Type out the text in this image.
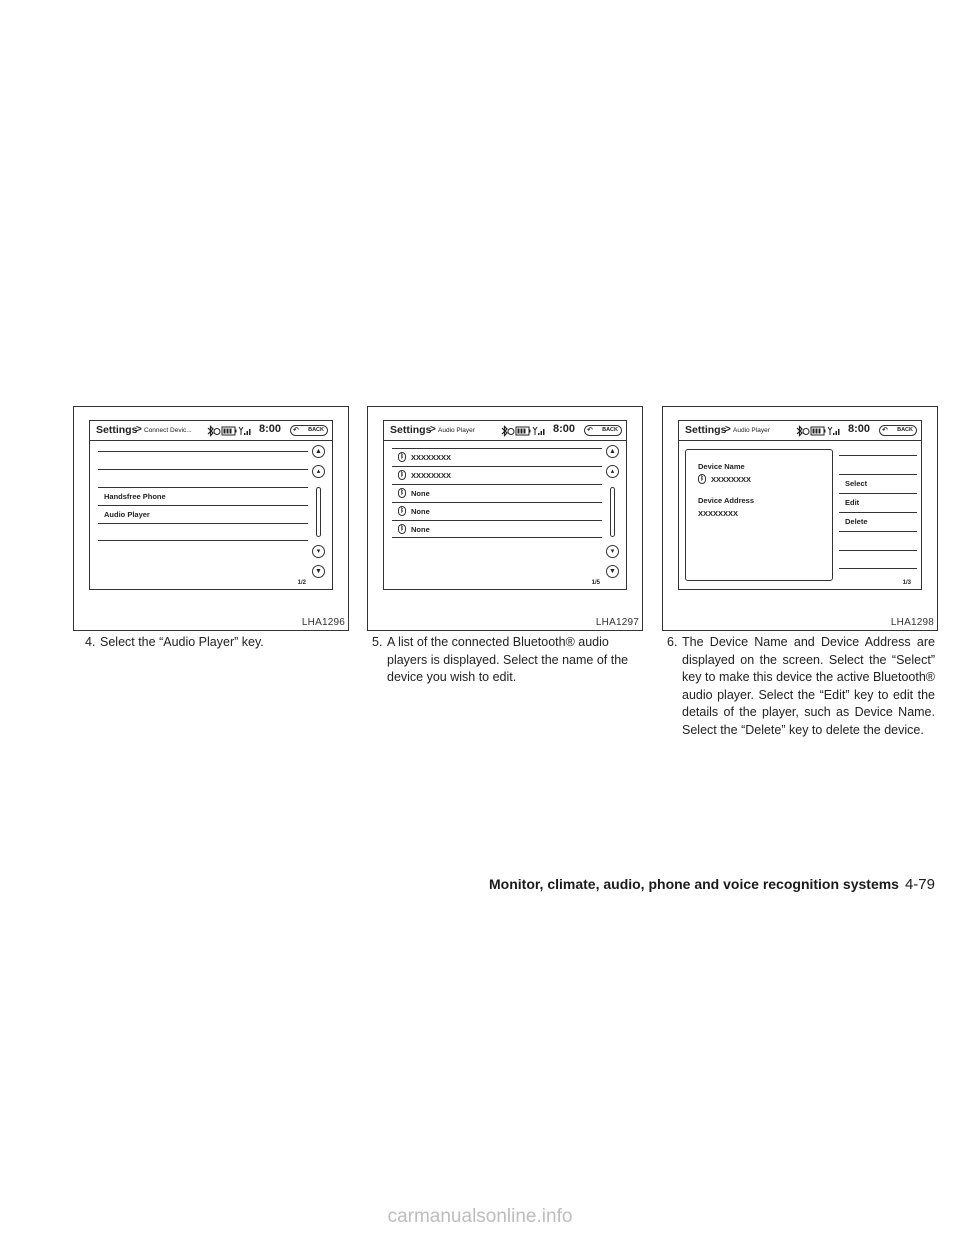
Settings
> Connect Devic...	8:00 ↶ BACK
Handsfree Phone
Audio Player
▲
▴
▾
▼
1/2
LHA1296
Settings
> Audio Player	8:00 ↶ BACK
ᛒ XXXXXXXX
ᛒ XXXXXXXX
ᛒ None
ᛒ None
ᛒ None
▲
▴
▾
▼
1/5
LHA1297
Settings
> Audio Player	8:00 ↶ BACK
Device Name
ᛒ XXXXXXXX
Device Address
XXXXXXXX
Select
Edit
Delete
1/3
LHA1298
4. Select the “Audio Player” key.	5. A list of the connected Bluetooth® audio players is displayed. Select the name of the device you wish to edit.
6. The Device Name and Device Address are displayed on the screen. Select the “Select” key to make this device the active Bluetooth® audio player. Select the “Edit” key to edit the details of the player, such as Device Name. Select the “Delete” key to delete the device.
Monitor, climate, audio, phone and voice recognition systems 4-79
carmanualsonline.info
